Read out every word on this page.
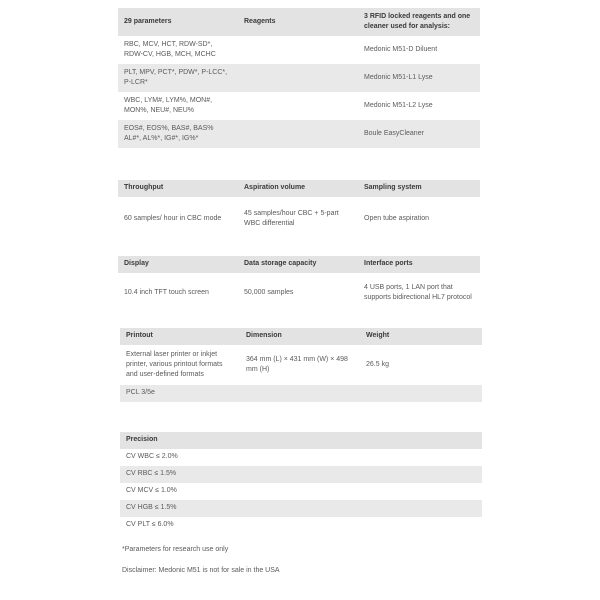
29 parameters	Reagents	3 RFID locked reagents and one cleaner used for analysis:
RBC, MCV, HCT, RDW-SD*, RDW-CV, HGB, MCH, MCHC		Medonic M51-D Diluent
PLT, MPV, PCT*, PDW*, P-LCC*, P-LCR*		Medonic M51-L1 Lyse
WBC, LYM#, LYM%, MON#, MON%, NEU#, NEU%		Medonic M51-L2 Lyse
EOS#, EOS%, BAS#, BAS% AL#*, AL%*, IG#*, IG%*		Boule EasyCleaner
Throughput	Aspiration volume	Sampling system
60 samples/ hour in CBC mode	45 samples/hour CBC + 5-part WBC differential	Open tube aspiration
Display	Data storage capacity	Interface ports
10.4 inch TFT touch screen	50,000 samples	4 USB ports, 1 LAN port that supports bidirectional HL7 protocol
Printout	Dimension	Weight
External laser printer or inkjet printer, various printout formats and user-defined formats	364 mm (L) × 431 mm (W) × 498 mm (H)	26.5 kg
PCL 3/5e		
Precision
CV WBC ≤ 2.0%
CV RBC ≤ 1.5%
CV MCV ≤ 1.0%
CV HGB ≤ 1.5%
CV PLT ≤ 6.0%
*Parameters for research use only
Disclaimer: Medonic M51 is not for sale in the USA
